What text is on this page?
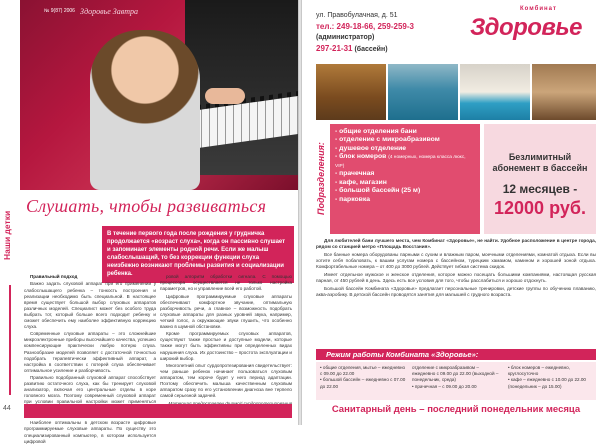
Наши детки
44
№ 9(87) 2006 Здоровье Завтра
Слушать, чтобы развиваться
В течение первого года после рождения у грудничка продолжается «возраст слуха», когда он пассивно слушает и запоминает элементы родной речи. Если же малыш слабослышащий, то без коррекции функции слуха неизбежно возникают проблемы развития и социализации ребенка.

Правильный подход

Важно задать слуховой аппарат при его применении у слабослышащего ребенка – тонкость построения и реализации необходимо быть специальной. В настоящее время существует большой выбор слуховых аппаратов различных моделей. Специалист может без особого труда выбрать тот, который больше всего подходит ребенку и сможет обеспечить ему наиболее эффективную коррекцию слуха.

Современные слуховые аппараты – это сложнейшие микроэлектронные приборы высочайшего качества, успешно компенсирующие практически любую потерю слуха. Разнообразие моделей позволяет с достаточной точностью подобрать терапевтически эффективный аппарат, а настройка в соответствии с потерей слуха обеспечивает оптимальное усиление и разборчивость.

Правильно подобранный слуховой аппарат способствует развитию остаточного слуха, как бы тренирует слуховой анализатор, включая его центральные отделы в коре головного мозга. Поэтому современный слуховой аппарат при условии правильной настройки может применяться

Наиболее оптимальны в детском возрасте цифровые программируемые слуховые аппараты. По существу это специализированный компьютер, в котором используется цифровой

ровой алгоритм обработки сигнала. С помощью процессора осуществляется не только настройка параметров, но и управление всей его работой.

Цифровые программируемые слуховые аппараты обеспечивают комфортное звучание, оптимальную разборчивость речи, а главное – возможность подобрать слуховые аппараты для разных уровней звука, например, четкий голос, а окружающие звуки глушить, что особенно важно в шумной обстановке.

Кроме программируемых слуховых аппаратов, существуют также простые и доступные модели, которые также могут быть эффективны при определенных видах нарушения слуха. Их достоинство – простота эксплуатации и широкий выбор.

Многолетний опыт сурдопротезирования свидетельствует: чем раньше ребенок начинает пользоваться слуховым аппаратом, тем короче будет у него период адаптации. Поэтому обеспечить малыша качественным слуховым аппаратом сразу по его установлении диагноза вне терпело самой серьезной задачей.

ул. Правобулачная, д. 51
тел.: 249-18-66, 259-259-3
(администратор)
297-21-31 (бассейн)
Комбинат
Здоровье
Подразделения:
- общие отделения бани
- отделение с микроабразивом
- душевое отделение
- блок номеров (4 номерных, номера класса люкс, VIP)
- прачечная
- кафе, магазин
- большой бассейн (25 м)
- парковка
Безлимитный абонемент в бассейн
12 месяцев -
12000 руб.

Для любителей бани лучшего места, чем Комбинат «Здоровье», не найти. Удобное расположение в центре города, рядом со станцией метро «Площадь Восстания».

Все банные номера оборудованы парными с сухим и влажным паром, моечными отделениями, комнатой отдыха. Если вы хотите себя побаловать, к вашим услугам номера с бассейном, турецким хамамом, камином и хорошей зоной отдыха. Комфортабельные номера – от 400 до 3000 рублей. Действует гибкая система скидок.

Имеет отдельное мужское и женское отделения, которое можно посещать большими компаниями, настоящая русская парная, от 450 рублей в день. Здесь есть все условия для того, чтобы расслабиться и хорошо отдохнуть.

Большой бассейн Комбината «Здоровье» предлагает персональные тренировки, детские группы по обучению плаванию, аква-аэробику. В детской бассейн проводятся занятия для малышей с грудного возраста.

Режим работы Комбината «Здоровье»:
• общие отделения, мытье – ежедневно с 09.00 до 22.00
• большой бассейн – ежедневно с 07.00 до 22.00
отделение с микроабразивом – ежедневно с 09.00 до 22.00 (выходной – понедельник, среда)
• прачечная – с 09.00 до 20.00
• блок номеров – ежедневно, круглосуточно
• кафе – ежедневно с 10.00 до 22.00 (понедельник – до 15.00)
Санитарный день – последний понедельник месяца
